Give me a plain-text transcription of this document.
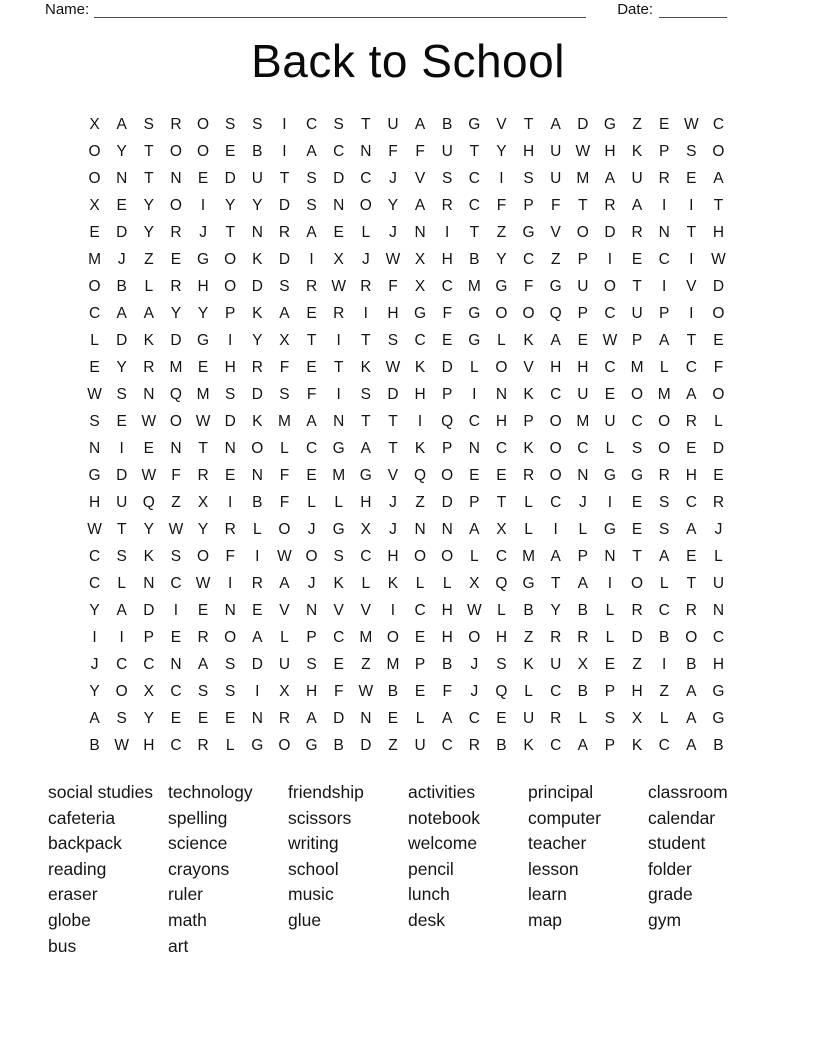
Name:	Date:
Back to School
X	A	S	R	O	S	S	I	C	S	T	U	A	B	G	V	T	A	D	G	Z	E W C
O	Y	T	O O	E	B	I	A	C	N	F	F	U	T	Y	H	U W H	K	P	S	O
O N	T	N	E	D	U	T	S	D	C	J	V	S	C	I	S	U M	A	U	R	E	A
X	E	Y	O	I	Y	Y	D	S	N	O	Y	A	R	C	F	P	F	T	R	A	I	I	T
E	D	Y	R	J	T	N	R	A	E	L	J	N	I	T	Z	G	V	O D	R	N	T	H
M	J	Z	E	G O	K	D	I	X	J	W X	H	B	Y	C	Z	P	I	E	C	I	W
O	B	L	R	H	O D	S	R W R	F	X	C M G	F	G U	O	T	I	V	D
C	A	A	Y	Y	P	K	A	E	R	I	H	G	F	G O O Q	P	C	U	P	I	O
L	D	K	D	G	I	Y	X	T	I	T	S	C	E	G	L	K	A	E W P	A	T	E
E	Y	R M	E	H	R	F	E	T	K W K	D	L	O	V	H	H	C M	L	C	F
W S	N	Q M	S	D	S	F	I	S	D	H	P	I	N	K	C	U	E	O M	A	O
S	E W O W D	K M	A	N	T	T	I	Q C	H	P	O M U	C	O R	L
N	I	E	N	T	N	O	L	C	G	A	T	K	P	N	C	K	O C	L	S	O	E	D
G D W F	R	E	N	F	E M G	V	Q O	E	E	R	O N	G G R	H	E
H	U	Q	Z	X	I	B	F	L	L	H	J	Z	D	P	T	L	C	J	I	E	S	C	R
W T	Y W Y	R	L	O	J	G	X	J	N	N	A	X	L	I	L	G	E	S	A	J
C	S	K	S	O	F	I	W O	S	C	H	O O	L	C M	A	P	N	T	A	E	L
C	L	N	C W	I	R	A	J	K	L	K	L	L	X	Q G	T	A	I	O	L	T	U
Y	A	D	I	E	N	E	V	N	V	V	I	C	H W	L	B	Y	B	L	R	C	R	N
I	I	P	E	R	O	A	L	P	C M O	E	H	O H	Z	R	R	L	D	B	O C
J	C	C	N	A	S	D	U	S	E	Z	M	P	B	J	S	K	U	X	E	Z	I	B	H
Y	O	X	C	S	S	I	X	H	F W B	E	F	J	Q	L	C	B	P	H	Z	A	G
A	S	Y	E	E	E	N	R	A	D	N	E	L	A	C	E	U	R	L	S	X	L	A	G
B W H	C	R	L	G O G	B	D	Z	U	C	R	B	K	C	A	P	K	C	A	B
social studies
cafeteria
backpack
reading
eraser
globe
bus
technology
spelling
science
crayons
ruler
math
art
friendship
scissors
writing
school
music
glue
activities
notebook
welcome
pencil
lunch
desk
principal
computer
teacher
lesson
learn
map
classroom
calendar
student
folder
grade
gym
